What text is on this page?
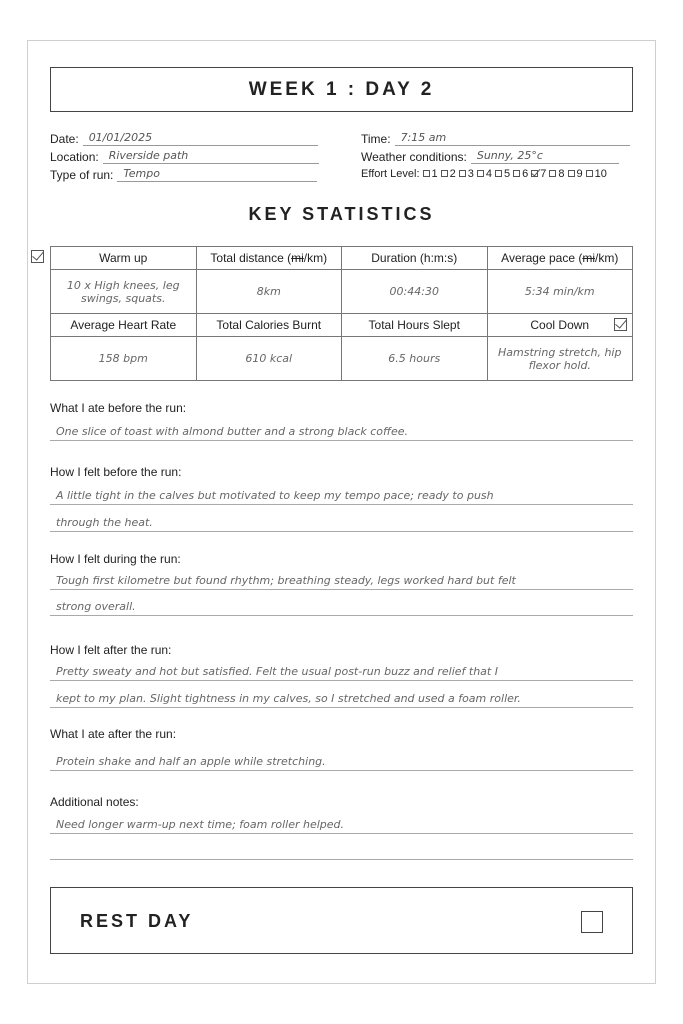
WEEK 1 : DAY 2
Date: 01/01/2025
Location: Riverside path
Type of run: Tempo
Time: 7:15 am
Weather conditions: Sunny, 25°c
Effort Level:	1 2 3 4 5 6 7 8 9 10
KEY STATISTICS
Warm up	Total distance (mi/km)	Duration (h:m:s)	Average pace (mi/km)
10 x High knees, leg swings, squats.	8km	00:44:30	5:34 min/km
Average Heart Rate	Total Calories Burnt	Total Hours Slept	Cool Down

158 bpm	610 kcal	6.5 hours	Hamstring stretch, hip flexor hold.
What I ate before the run:
One slice of toast with almond butter and a strong black coffee.
How I felt before the run:
A little tight in the calves but motivated to keep my tempo pace; ready to push
through the heat.
How I felt during the run:
Tough first kilometre but found rhythm; breathing steady, legs worked hard but felt
strong overall.
How I felt after the run:
Pretty sweaty and hot but satisfied. Felt the usual post-run buzz and relief that I
kept to my plan. Slight tightness in my calves, so I stretched and used a foam roller.
What I ate after the run:
Protein shake and half an apple while stretching.
Additional notes:
Need longer warm-up next time; foam roller helped.
REST DAY
